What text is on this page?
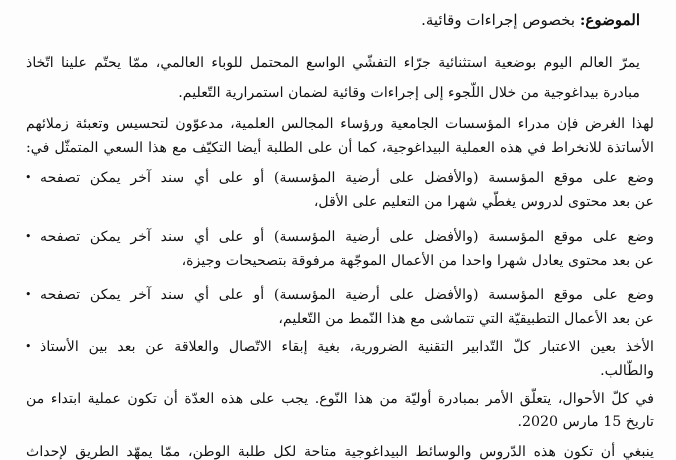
الموضوع: بخصوص إجراءات وقائية.
يمرّ العالم اليوم بوضعية استثنائية جرّاء التفشّي الواسع المحتمل للوباء العالمي، ممّا يحتّم علينا اتّخاذ
مبادرة بيداغوجية من خلال اللّجوء إلى إجراءات وقائية لضمان استمرارية التّعليم.
لهذا الغرض فإن مدراء المؤسسات الجامعية ورؤساء المجالس العلمية، مدعوّون لتحسيس وتعبئة زملائهم
الأساتذة للانخراط في هذه العملية البيداغوجية، كما أن على الطلبة أيضا التكيّف مع هذا السعي المتمثّل في:
وضع على موقع المؤسسة (والأفضل على أرضية المؤسسة) أو على أي سند آخر يمكن تصفحه
•
عن بعد محتوى لدروس يغطّي شهرا من التعليم على الأقل،
وضع على موقع المؤسسة (والأفضل على أرضية المؤسسة) أو على أي سند آخر يمكن تصفحه
•
عن بعد محتوى يعادل شهرا واحدا من الأعمال الموجّهة مرفوقة بتصحيحات وجيزة،
وضع على موقع المؤسسة (والأفضل على أرضية المؤسسة) أو على أي سند آخر يمكن تصفحه
•
عن بعد الأعمال التطبيقيّة التي تتماشى مع هذا النّمط من التّعليم،
الأخذ بعين الاعتبار كلّ التّدابير التقنية الضرورية، بغية إبقاء الاتّصال والعلاقة عن بعد بين الأستاذ
•
والطّالب.
في كلّ الأحوال، يتعلّق الأمر بمبادرة أوليّة من هذا النّوع. يجب على هذه العدّة أن تكون عملية ابتداء من
تاريخ 15 مارس 2020.
ينبغي أن تكون هذه الدّروس والوسائط البيداغوجية متاحة لكل طلبة الوطن، ممّا يمهّد الطريق لإحداث
